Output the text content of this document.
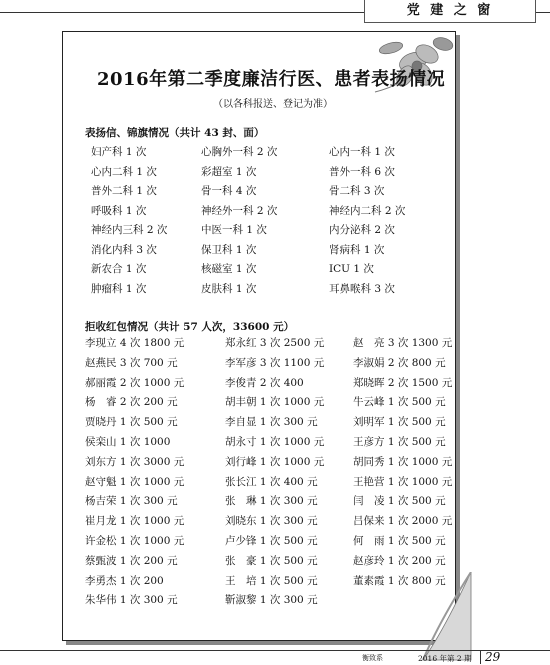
党 建 之 窗
2016年第二季度廉洁行医、患者表扬情况
（以各科报送、登记为准）
表扬信、锦旗情况（共计 43 封、面）
妇产科 1 次	心胸外一科 2 次	心内一科 1 次
心内二科 1 次	彩超室 1 次	普外一科 6 次
普外二科 1 次	骨一科 4 次	骨二科 3 次
呼吸科 1 次	神经外一科 2 次	神经内二科 2 次
神经内三科 2 次	中医一科 1 次	内分泌科 2 次
消化内科 3 次	保卫科 1 次	肾病科 1 次
新农合 1 次	核磁室 1 次	ICU 1 次
肿瘤科 1 次	皮肤科 1 次	耳鼻喉科 3 次
拒收红包情况（共计 57 人次，33600 元）
李现立 4 次 1800 元	郑永红 3 次 2500 元	赵　亮 3 次 1300 元
赵燕民 3 次 700 元	李军彦 3 次 1100 元	李淑娟 2 次 800 元
郝丽霞 2 次 1000 元	李俊青 2 次 400	郑晓晖 2 次 1500 元
杨　睿 2 次 200 元	胡丰朝 1 次 1000 元	牛云峰 1 次 500 元
贾晓丹 1 次 500 元	李自显 1 次 300 元	刘明军 1 次 500 元
侯栾山 1 次 1000	胡永寸 1 次 1000 元	王彦方 1 次 500 元
刘东方 1 次 3000 元	刘行峰 1 次 1000 元	胡同秀 1 次 1000 元
赵守魁 1 次 1000 元	张长江 1 次 400 元	王艳营 1 次 1000 元
杨吉荣 1 次 300 元	张　琳 1 次 300 元	闫　凌 1 次 500 元
崔月龙 1 次 1000 元	刘晓东 1 次 300 元	吕保来 1 次 2000 元
许金松 1 次 1000 元	卢少锋 1 次 500 元	何　雨 1 次 500 元
蔡甄波 1 次 200 元	张　豪 1 次 500 元	赵彦玲 1 次 200 元
李勇杰 1 次 200	王　培 1 次 500 元	董素霞 1 次 800 元
朱华伟 1 次 300 元	靳淑黎 1 次 300 元
衡致系	2016 年第 2 期	29
